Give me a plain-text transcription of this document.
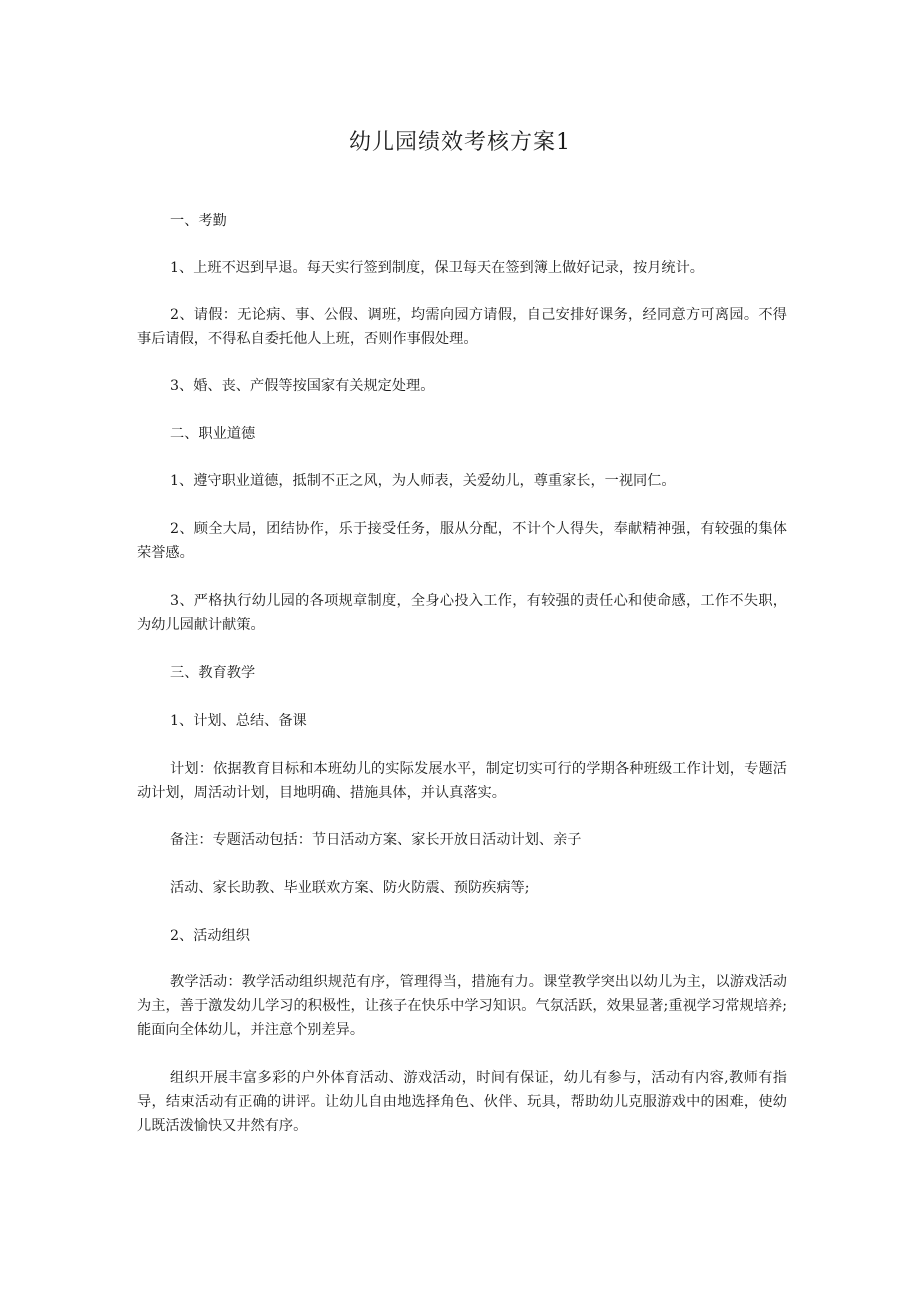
幼儿园绩效考核方案1

一、考勤

1、上班不迟到早退。每天实行签到制度，保卫每天在签到簿上做好记录，按月统计。

2、请假：无论病、事、公假、调班，均需向园方请假，自己安排好课务，经同意方可离园。不得事后请假，不得私自委托他人上班，否则作事假处理。

3、婚、丧、产假等按国家有关规定处理。

二、职业道德

1、遵守职业道德，抵制不正之风，为人师表，关爱幼儿，尊重家长，一视同仁。

2、顾全大局，团结协作，乐于接受任务，服从分配，不计个人得失，奉献精神强，有较强的集体荣誉感。

3、严格执行幼儿园的各项规章制度，全身心投入工作，有较强的责任心和使命感，工作不失职，为幼儿园献计献策。

三、教育教学

1、计划、总结、备课

计划：依据教育目标和本班幼儿的实际发展水平，制定切实可行的学期各种班级工作计划，专题活动计划，周活动计划，目地明确、措施具体，并认真落实。

备注：专题活动包括：节日活动方案、家长开放日活动计划、亲子

活动、家长助教、毕业联欢方案、防火防震、预防疾病等;

2、活动组织

教学活动：教学活动组织规范有序，管理得当，措施有力。课堂教学突出以幼儿为主，以游戏活动为主，善于激发幼儿学习的积极性，让孩子在快乐中学习知识。气氛活跃，效果显著;重视学习常规培养;能面向全体幼儿，并注意个别差异。

组织开展丰富多彩的户外体育活动、游戏活动，时间有保证，幼儿有参与，活动有内容,教师有指导，结束活动有正确的讲评。让幼儿自由地选择角色、伙伴、玩具，帮助幼儿克服游戏中的困难，使幼儿既活泼愉快又井然有序。
